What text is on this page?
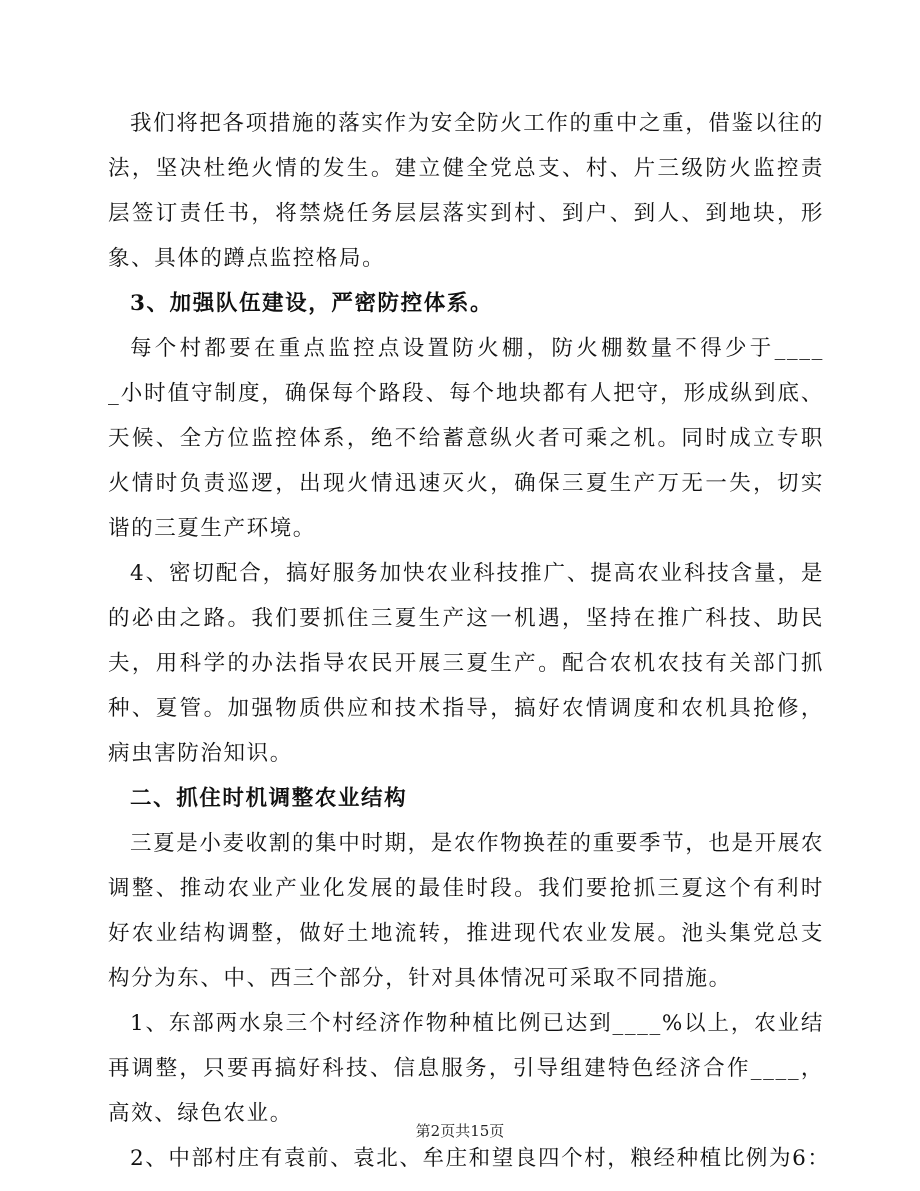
我们将把各项措施的落实作为安全防火工作的重中之重，借鉴以往的
法，坚决杜绝火情的发生。建立健全党总支、村、片三级防火监控责
层签订责任书，将禁烧任务层层落实到村、到户、到人、到地块，形
象、具体的蹲点监控格局。
3、加强队伍建设，严密防控体系。
每个村都要在重点监控点设置防火棚，防火棚数量不得少于____
_小时值守制度，确保每个路段、每个地块都有人把守，形成纵到底、
天候、全方位监控体系，绝不给蓄意纵火者可乘之机。同时成立专职
火情时负责巡逻，出现火情迅速灭火，确保三夏生产万无一失，切实
谐的三夏生产环境。
4、密切配合，搞好服务加快农业科技推广、提高农业科技含量，是
的必由之路。我们要抓住三夏生产这一机遇，坚持在推广科技、助民
夫，用科学的办法指导农民开展三夏生产。配合农机农技有关部门抓
种、夏管。加强物质供应和技术指导，搞好农情调度和农机具抢修，
病虫害防治知识。
二、抓住时机调整农业结构
三夏是小麦收割的集中时期，是农作物换茬的重要季节，也是开展农
调整、推动农业产业化发展的最佳时段。我们要抢抓三夏这个有利时
好农业结构调整，做好土地流转，推进现代农业发展。池头集党总支
构分为东、中、西三个部分，针对具体情况可采取不同措施。
1、东部两水泉三个村经济作物种植比例已达到____%以上，农业结
再调整，只要再搞好科技、信息服务，引导组建特色经济合作____，
高效、绿色农业。
2、中部村庄有袁前、袁北、牟庄和望良四个村，粮经种植比例为6：
第2页共15页
